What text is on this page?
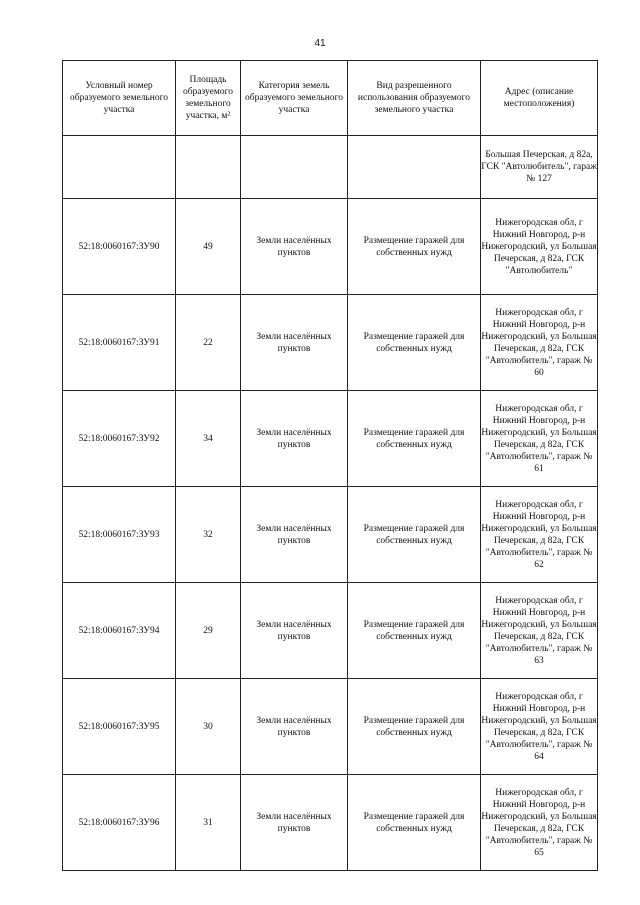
41
Условный номер образуемого земельного участка	Площадь образуемого земельного участка, м²	Категория земель образуемого земельного участка	Вид разрешенного использования образуемого земельного участка	Адрес (описание местоположения)
				Большая Печерская, д 82а, ГСК "Автолюбитель", гараж № 127
52:18:0060167:ЗУ90	49	Земли населённых пунктов	Размещение гаражей для собственных нужд	Нижегородская обл, г Нижний Новгород, р-н Нижегородский, ул Большая Печерская, д 82а, ГСК "Автолюбитель"
52:18:0060167:ЗУ91	22	Земли населённых пунктов	Размещение гаражей для собственных нужд	Нижегородская обл, г Нижний Новгород, р-н Нижегородский, ул Большая Печерская, д 82а, ГСК "Автолюбитель", гараж № 60
52:18:0060167:ЗУ92	34	Земли населённых пунктов	Размещение гаражей для собственных нужд	Нижегородская обл, г Нижний Новгород, р-н Нижегородский, ул Большая Печерская, д 82а, ГСК "Автолюбитель", гараж № 61
52:18:0060167:ЗУ93	32	Земли населённых пунктов	Размещение гаражей для собственных нужд	Нижегородская обл, г Нижний Новгород, р-н Нижегородский, ул Большая Печерская, д 82а, ГСК "Автолюбитель", гараж № 62
52:18:0060167:ЗУ94	29	Земли населённых пунктов	Размещение гаражей для собственных нужд	Нижегородская обл, г Нижний Новгород, р-н Нижегородский, ул Большая Печерская, д 82а, ГСК "Автолюбитель", гараж № 63
52:18:0060167:ЗУ95	30	Земли населённых пунктов	Размещение гаражей для собственных нужд	Нижегородская обл, г Нижний Новгород, р-н Нижегородский, ул Большая Печерская, д 82а, ГСК "Автолюбитель", гараж № 64
52:18:0060167:ЗУ96	31	Земли населённых пунктов	Размещение гаражей для собственных нужд	Нижегородская обл, г Нижний Новгород, р-н Нижегородский, ул Большая Печерская, д 82а, ГСК "Автолюбитель", гараж № 65
